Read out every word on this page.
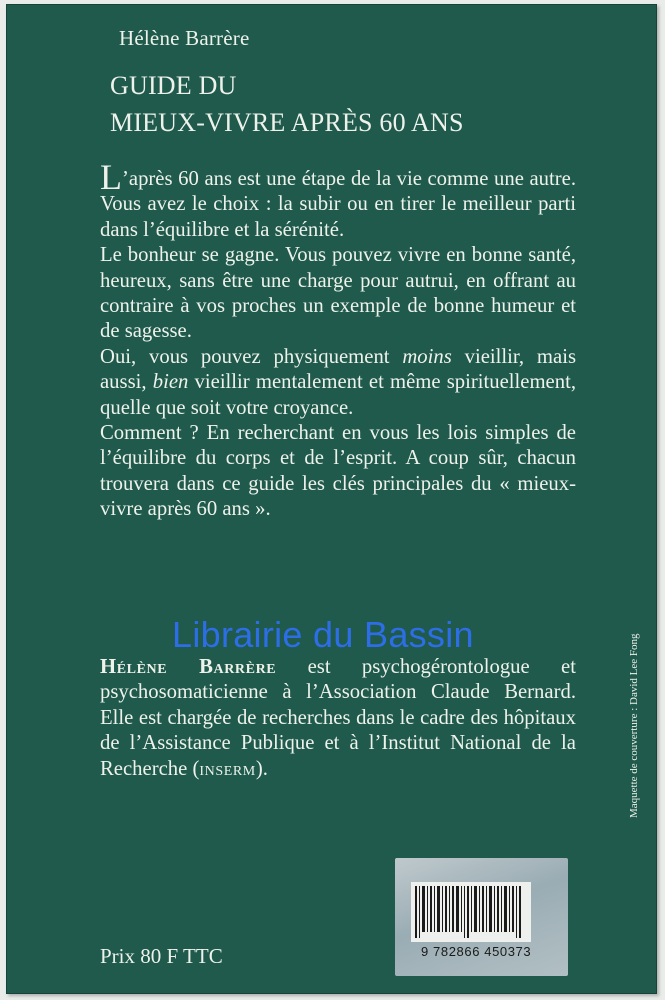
Hélène Barrère
GUIDE DU
MIEUX-VIVRE APRÈS 60 ANS

L’après 60 ans est une étape de la vie comme une autre. Vous avez le choix : la subir ou en tirer le meilleur parti dans l’équilibre et la sérénité.

Le bonheur se gagne. Vous pouvez vivre en bonne santé, heureux, sans être une charge pour autrui, en offrant au contraire à vos proches un exemple de bonne humeur et de sagesse.

Oui, vous pouvez physiquement moins vieillir, mais aussi, bien vieillir mentalement et même spirituellement, quelle que soit votre croyance.

Comment ? En recherchant en vous les lois simples de l’équilibre du corps et de l’esprit. A coup sûr, chacun trouvera dans ce guide les clés principales du « mieux-vivre après 60 ans ».

Librairie du Bassin

Hélène Barrère est psychogérontologue et psychosomaticienne à l’Association Claude Bernard. Elle est chargée de recherches dans le cadre des hôpitaux de l’Assistance Publique et à l’Institut National de la Recherche (inserm).	Maquette de couverture : David Lee Fong
Prix 80 F TTC	9 782866 450373
